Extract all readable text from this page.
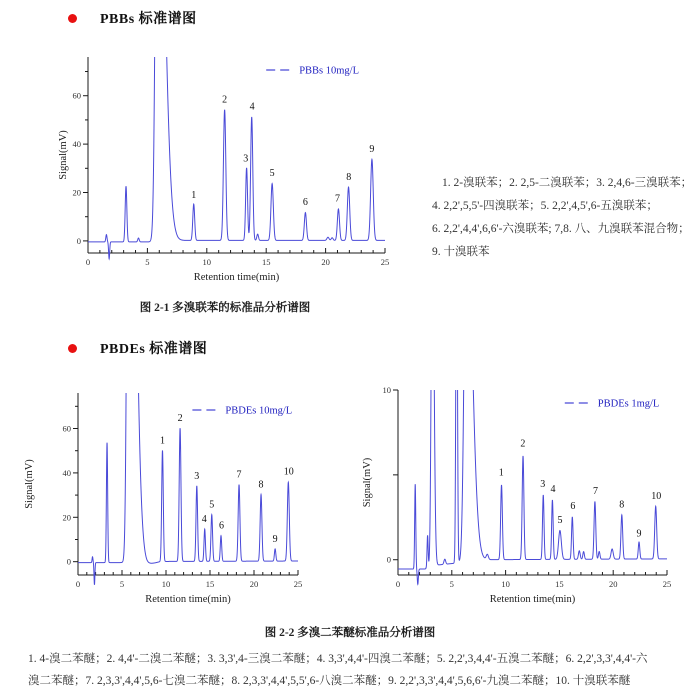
PBBs 标准谱图
0
20
40
60
0	5	10	15	20	25
Retention time(min)
Signal(mV)
1
2
3
4
5
6	7
8
9
PBBs 10mg/L
1. 2-溴联苯；2. 2,5-二溴联苯；3. 2,4,6-三溴联苯；
4. 2,2',5,5'-四溴联苯；5. 2,2',4,5',6-五溴联苯；
6. 2,2',4,4',6,6'-六溴联苯; 7,8. 八、九溴联苯混合物；
9. 十溴联苯
图 2-1 多溴联苯的标准品分析谱图
PBDEs 标准谱图
0
20
40
60
0	5	10	15	20	25
Retention time(min)
Signal(mV)
1
2
3
4
5
6
7
8
9
10
PBDEs 10mg/L
0
10
0	5	10	15	20	25
Retention time(min)
Signal(mV)	1
2
3 4
5
6
7
8
9
10
PBDEs 1mg/L
图 2-2 多溴二苯醚标准品分析谱图
1. 4-溴二苯醚；2. 4,4'-二溴二苯醚；3. 3,3',4-三溴二苯醚；4. 3,3',4,4'-四溴二苯醚；5. 2,2',3,4,4'-五溴二苯醚；6. 2,2',3,3',4,4'-六
溴二苯醚；7. 2,3,3',4,4',5,6-七溴二苯醚；8. 2,3,3',4,4',5,5',6-八溴二苯醚；9. 2,2',3,3',4,4',5,6,6'-九溴二苯醚；10. 十溴联苯醚
